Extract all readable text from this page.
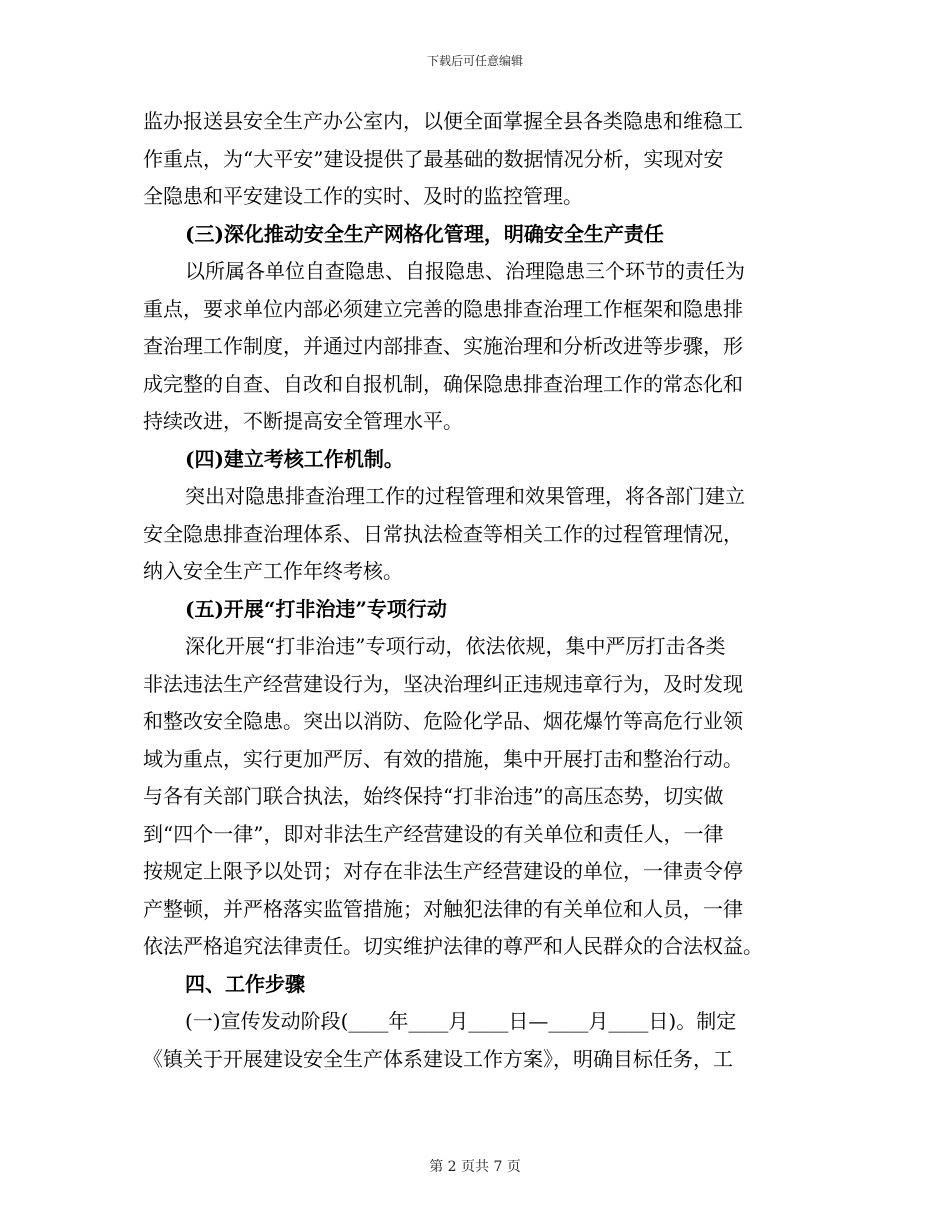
下载后可任意编辑
监办报送县安全生产办公室内，以便全面掌握全县各类隐患和维稳工
作重点，为“大平安”建设提供了最基础的数据情况分析，实现对安
全隐患和平安建设工作的实时、及时的监控管理。
(三)深化推动安全生产网格化管理，明确安全生产责任
以所属各单位自查隐患、自报隐患、治理隐患三个环节的责任为
重点，要求单位内部必须建立完善的隐患排查治理工作框架和隐患排
查治理工作制度，并通过内部排查、实施治理和分析改进等步骤，形
成完整的自查、自改和自报机制，确保隐患排查治理工作的常态化和
持续改进，不断提高安全管理水平。
(四)建立考核工作机制。
突出对隐患排查治理工作的过程管理和效果管理，将各部门建立
安全隐患排查治理体系、日常执法检查等相关工作的过程管理情况，
纳入安全生产工作年终考核。
(五)开展“打非治违”专项行动
深化开展“打非治违”专项行动，依法依规，集中严厉打击各类
非法违法生产经营建设行为，坚决治理纠正违规违章行为，及时发现
和整改安全隐患。突出以消防、危险化学品、烟花爆竹等高危行业领
域为重点，实行更加严厉、有效的措施，集中开展打击和整治行动。
与各有关部门联合执法，始终保持“打非治违”的高压态势，切实做
到“四个一律”，即对非法生产经营建设的有关单位和责任人，一律
按规定上限予以处罚；对存在非法生产经营建设的单位，一律责令停
产整顿，并严格落实监管措施；对触犯法律的有关单位和人员，一律
依法严格追究法律责任。切实维护法律的尊严和人民群众的合法权益。
四、工作步骤
(一)宣传发动阶段(____年____月____日—____月____日)。制定
《镇关于开展建设安全生产体系建设工作方案》，明确目标任务，工
第 2 页共 7 页
